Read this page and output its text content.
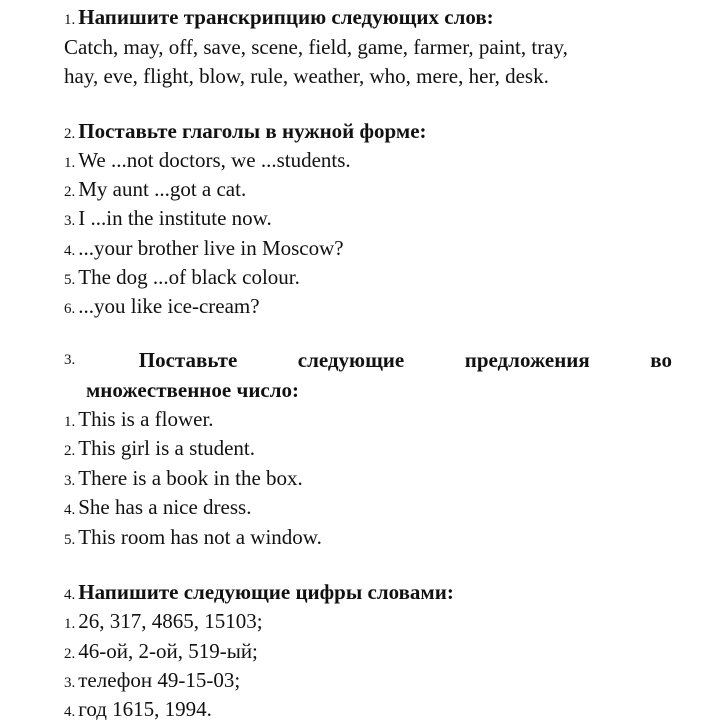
1. Напишите транскрипцию следующих слов:
Catch, may, off, save, scene, field, game, farmer, paint, tray,
hay, eve, flight, blow, rule, weather, who, mere, her, desk.
2. Поставьте глаголы в нужной форме:
1. We ...not doctors, we ...students.
2. My aunt ...got a cat.
3. I ...in the institute now.
4. ...your brother live in Moscow?
5. The dog ...of black colour.
6. ...you like ice-cream?
3.	Поставьте	следующие	предложения	во
множественное число:
1. This is a flower.
2. This girl is a student.
3. There is a book in the box.
4. She has a nice dress.
5. This room has not a window.
4. Напишите следующие цифры словами:
1. 26, 317, 4865, 15103;
2. 46-ой, 2-ой, 519-ый;
3. телефон 49-15-03;
4. год 1615, 1994.
